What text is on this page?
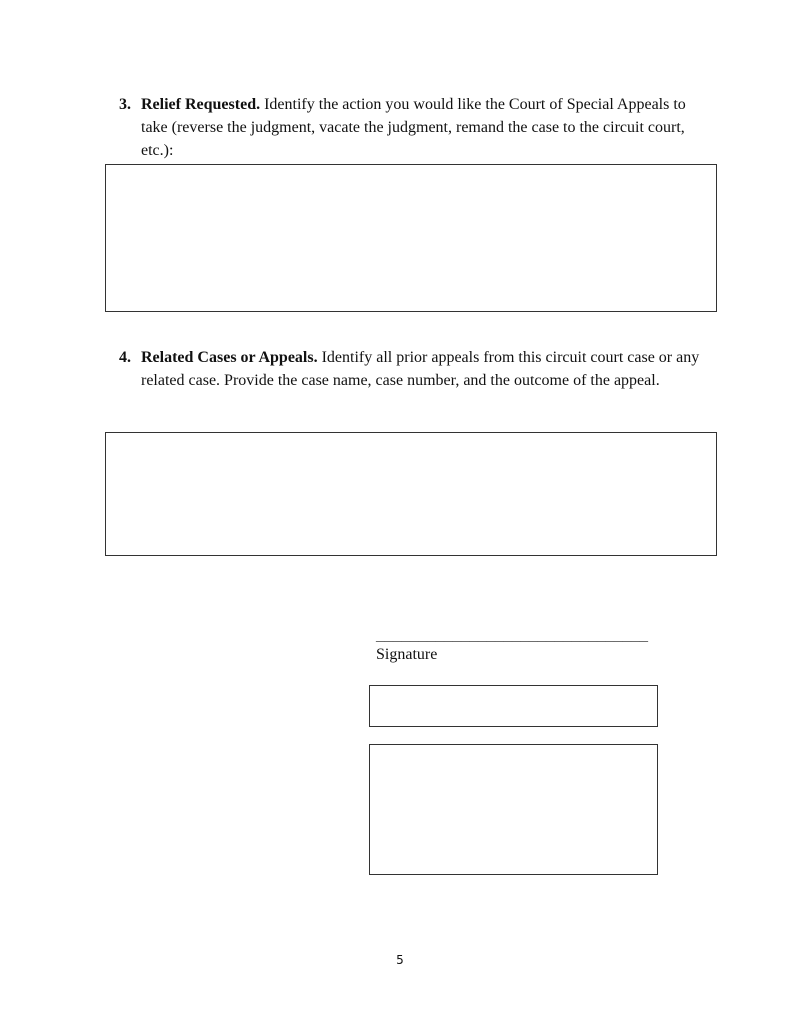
3. Relief Requested. Identify the action you would like the Court of Special Appeals to take (reverse the judgment, vacate the judgment, remand the case to the circuit court, etc.):
4. Related Cases or Appeals. Identify all prior appeals from this circuit court case or any related case. Provide the case name, case number, and the outcome of the appeal.
________________________________
Signature
5
